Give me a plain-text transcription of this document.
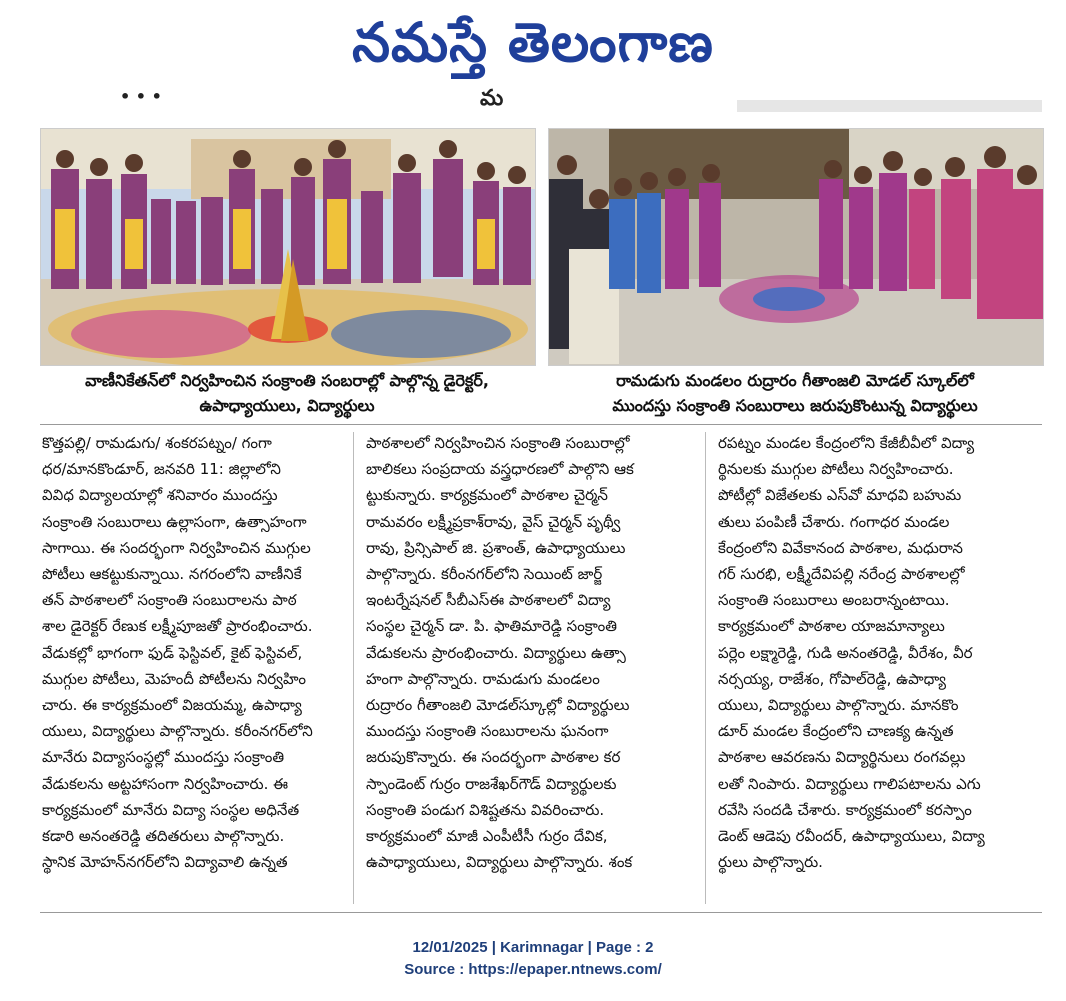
నమస్తే తెలంగాణ
• • •	మ
వాణీనికేతన్‌లో నిర్వహించిన సంక్రాంతి సంబరాల్లో పాల్గొన్న డైరెక్టర్,
ఉపాధ్యాయులు, విద్యార్థులు
రామడుగు మండలం రుద్రారం గీతాంజలి మోడల్ స్కూల్‌లో
ముందస్తు సంక్రాంతి సంబురాలు జరుపుకొంటున్న విద్యార్థులు
కొత్తపల్లి/ రామడుగు/ శంకరపట్నం/ గంగా
ధర/మానకొండూర్, జనవరి 11: జిల్లాలోని
వివిధ విద్యాలయాల్లో శనివారం ముందస్తు
సంక్రాంతి సంబురాలు ఉల్లాసంగా, ఉత్సాహంగా
సాగాయి. ఈ సందర్భంగా నిర్వహించిన ముగ్గుల
పోటీలు ఆకట్టుకున్నాయి. నగరంలోని వాణీనికే
తన్ పాఠశాలలో సంక్రాంతి సంబురాలను పాఠ
శాల డైరెక్టర్ రేణుక లక్ష్మీపూజతో ప్రారంభించారు.
వేడుకల్లో భాగంగా ఫుడ్ ఫెస్టివల్, కైట్ ఫెస్టివల్,
ముగ్గుల పోటీలు, మెహందీ పోటీలను నిర్వహిం
చారు. ఈ కార్యక్రమంలో విజయమ్మ, ఉపాధ్యా
యులు, విద్యార్థులు పాల్గొన్నారు. కరీంనగర్‌లోని
మానేరు విద్యాసంస్థల్లో ముందస్తు సంక్రాంతి
వేడుకలను అట్టహాసంగా నిర్వహించారు. ఈ
కార్యక్రమంలో మానేరు విద్యా సంస్థల అధినేత
కడారి అనంతరెడ్డి తదితరులు పాల్గొన్నారు.
స్థానిక మోహన్‌నగర్‌లోని విద్యావాలి ఉన్నత
పాఠశాలలో నిర్వహించిన సంక్రాంతి సంబురాల్లో
బాలికలు సంప్రదాయ వస్త్రధారణలో పాల్గొని ఆక
ట్టుకున్నారు. కార్యక్రమంలో పాఠశాల చైర్మన్
రామవరం లక్ష్మీప్రకాశ్‌రావు, వైస్ చైర్మన్ పృథ్వీ
రావు, ప్రిన్సిపాల్ జి. ప్రశాంత్, ఉపాధ్యాయులు
పాల్గొన్నారు. కరీంనగర్‌లోని సెయింట్ జార్జ్
ఇంటర్నేషనల్ సీబీఎస్‌ఈ పాఠశాలలో విద్యా
సంస్థల చైర్మన్ డా. పి. ఫాతిమారెడ్డి సంక్రాంతి
వేడుకలను ప్రారంభించారు. విద్యార్థులు ఉత్సా
హంగా పాల్గొన్నారు. రామడుగు మండలం
రుద్రారం గీతాంజలి మోడల్‌స్కూల్లో విద్యార్థులు
ముందస్తు సంక్రాంతి సంబురాలను ఘనంగా
జరుపుకొన్నారు. ఈ సందర్భంగా పాఠశాల కర
స్పాండెంట్ గుర్రం రాజశేఖర్‌గౌడ్ విద్యార్థులకు
సంక్రాంతి పండుగ విశిష్టతను వివరించారు.
కార్యక్రమంలో మాజీ ఎంపీటీసీ గుర్రం దేవిక,
ఉపాధ్యాయులు, విద్యార్థులు పాల్గొన్నారు. శంక
రపట్నం మండల కేంద్రంలోని కేజీబీవీలో విద్యా
ర్థినులకు ముగ్గుల పోటీలు నిర్వహించారు.
పోటీల్లో విజేతలకు ఎస్‌వో మాధవి బహుమ
తులు పంపిణీ చేశారు. గంగాధర మండల
కేంద్రంలోని వివేకానంద పాఠశాల, మధురాన
గర్ సురభి, లక్ష్మీదేవిపల్లి నరేంద్ర పాఠశాలల్లో
సంక్రాంతి సంబురాలు అంబరాన్నంటాయి.
కార్యక్రమంలో పాఠశాల యాజమాన్యాలు
పర్లెం లక్ష్మారెడ్డి, గుడి అనంతరెడ్డి, వీరేశం, వీర
నర్సయ్య, రాజేశం, గోపాల్‌రెడ్డి, ఉపాధ్యా
యులు, విద్యార్థులు పాల్గొన్నారు. మానకొం
డూర్ మండల కేంద్రంలోని చాణక్య ఉన్నత
పాఠశాల ఆవరణను విద్యార్థినులు రంగవల్లు
లతో నింపారు. విద్యార్థులు గాలిపటాలను ఎగు
రవేసి సందడి చేశారు. కార్యక్రమంలో కరస్పాం
డెంట్ ఆడెపు రవీందర్, ఉపాధ్యాయులు, విద్యా
ర్థులు పాల్గొన్నారు.
12/01/2025 | Karimnagar | Page : 2
Source : https://epaper.ntnews.com/
